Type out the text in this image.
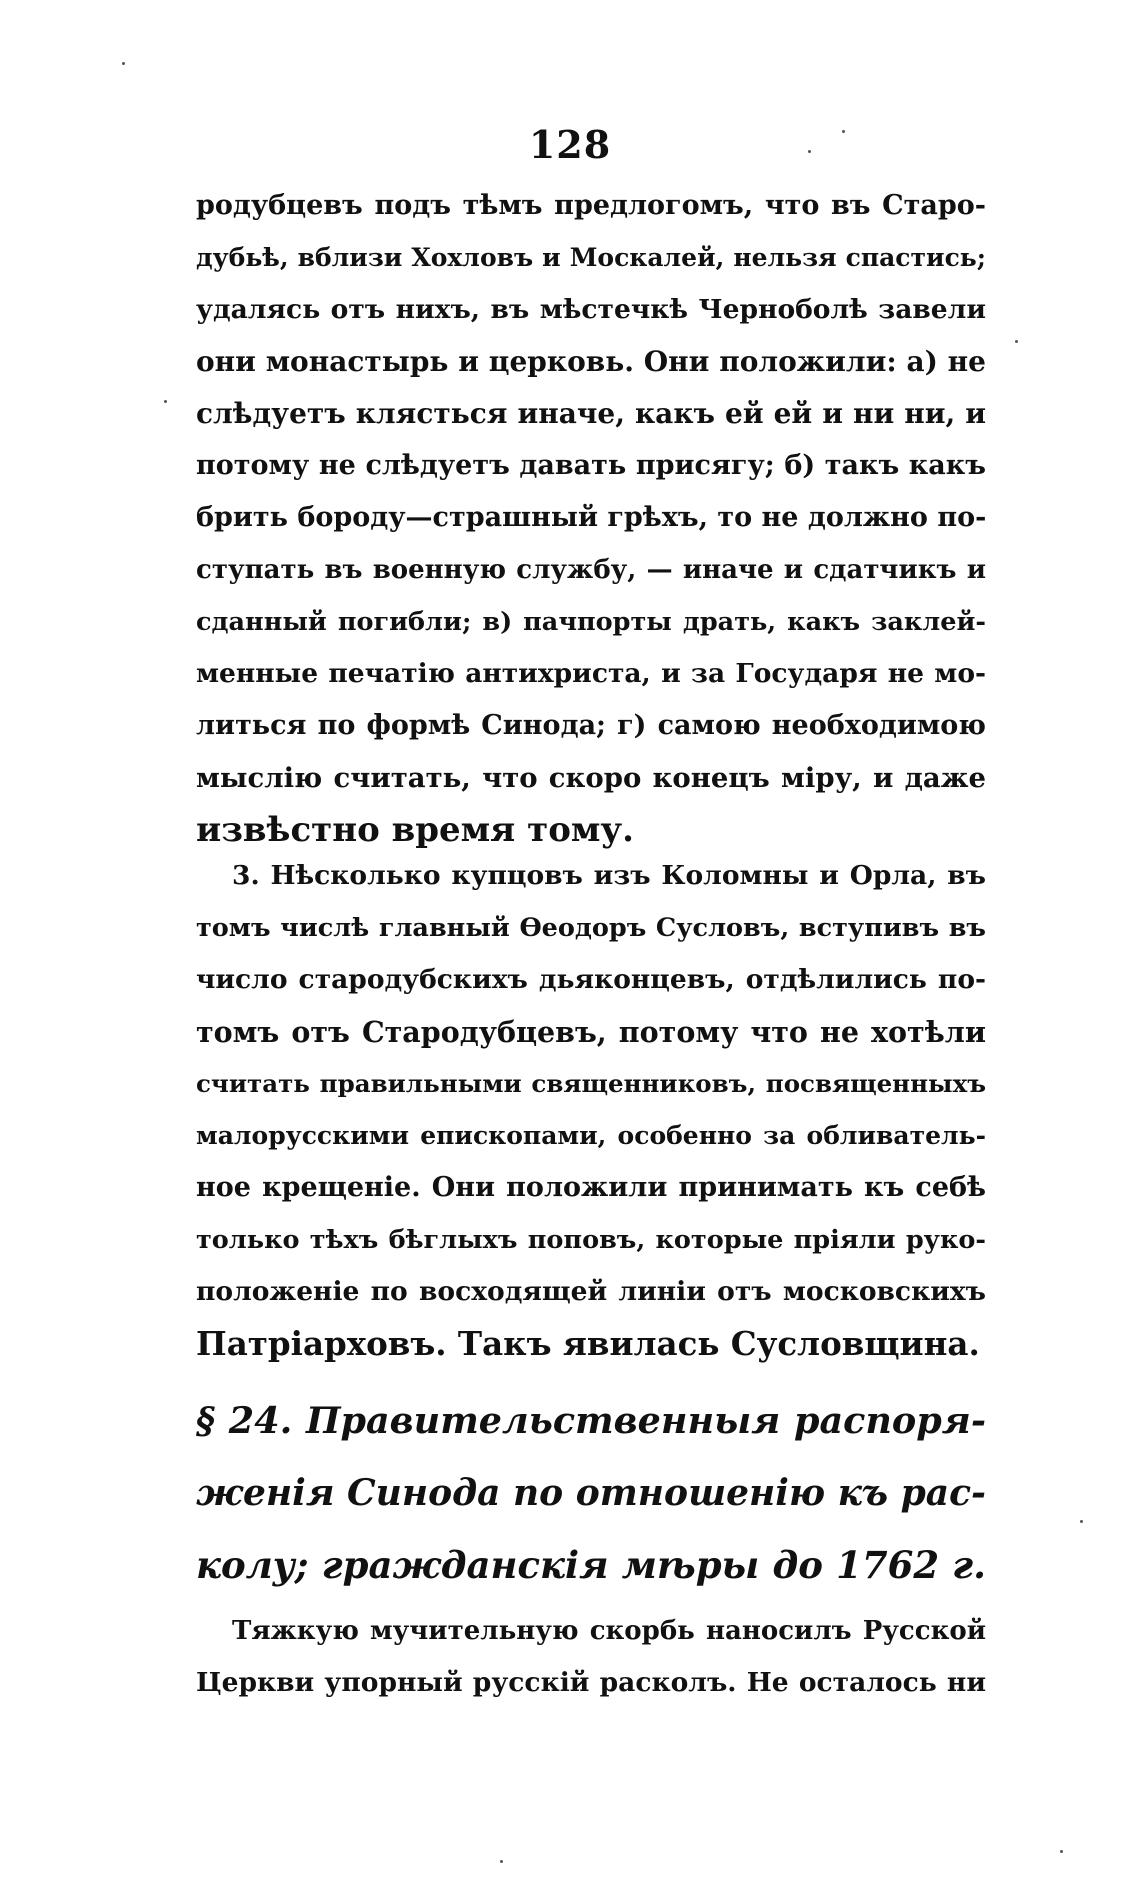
128
родубцевъ подъ тѣмъ предлогомъ, что въ Старо-
дубьѣ, вблизи Хохловъ и Москалей, нельзя спастись;
удалясь отъ нихъ, въ мѣстечкѣ Черноболѣ завели
они монастырь и церковь. Они положили: а) не
слѣдуетъ клясться иначе, какъ ей ей и ни ни, и
потому не слѣдуетъ давать присягу; б) такъ какъ
брить бороду—страшный грѣхъ, то не должно по-
ступать въ военную службу, — иначе и сдатчикъ и
сданный погибли; в) пачпорты драть, какъ заклей-
менные печатію антихриста, и за Государя не мо-
литься по формѣ Синода; г) самою необходимою
мыслію считать, что скоро конецъ міру, и даже
извѣстно время тому.
3. Нѣсколько купцовъ изъ Коломны и Орла, въ
томъ числѣ главный Ѳеодоръ Сусловъ, вступивъ въ
число стародубскихъ дьяконцевъ, отдѣлились по-
томъ отъ Стародубцевъ, потому что не хотѣли
считать правильными священниковъ, посвященныхъ
малорусскими епископами, особенно за обливатель-
ное крещеніе. Они положили принимать къ себѣ
только тѣхъ бѣглыхъ поповъ, которые пріяли руко-
положеніе по восходящей линіи отъ московскихъ
Патріарховъ. Такъ явилась Сусловщина.
§ 24. Правительственныя распоря-
женія Синода по отношенію къ рас-
колу; гражданскія мѣры до 1762 г.
Тяжкую мучительную скорбь наносилъ Русской
Церкви упорный русскій расколъ. Не осталось ни
